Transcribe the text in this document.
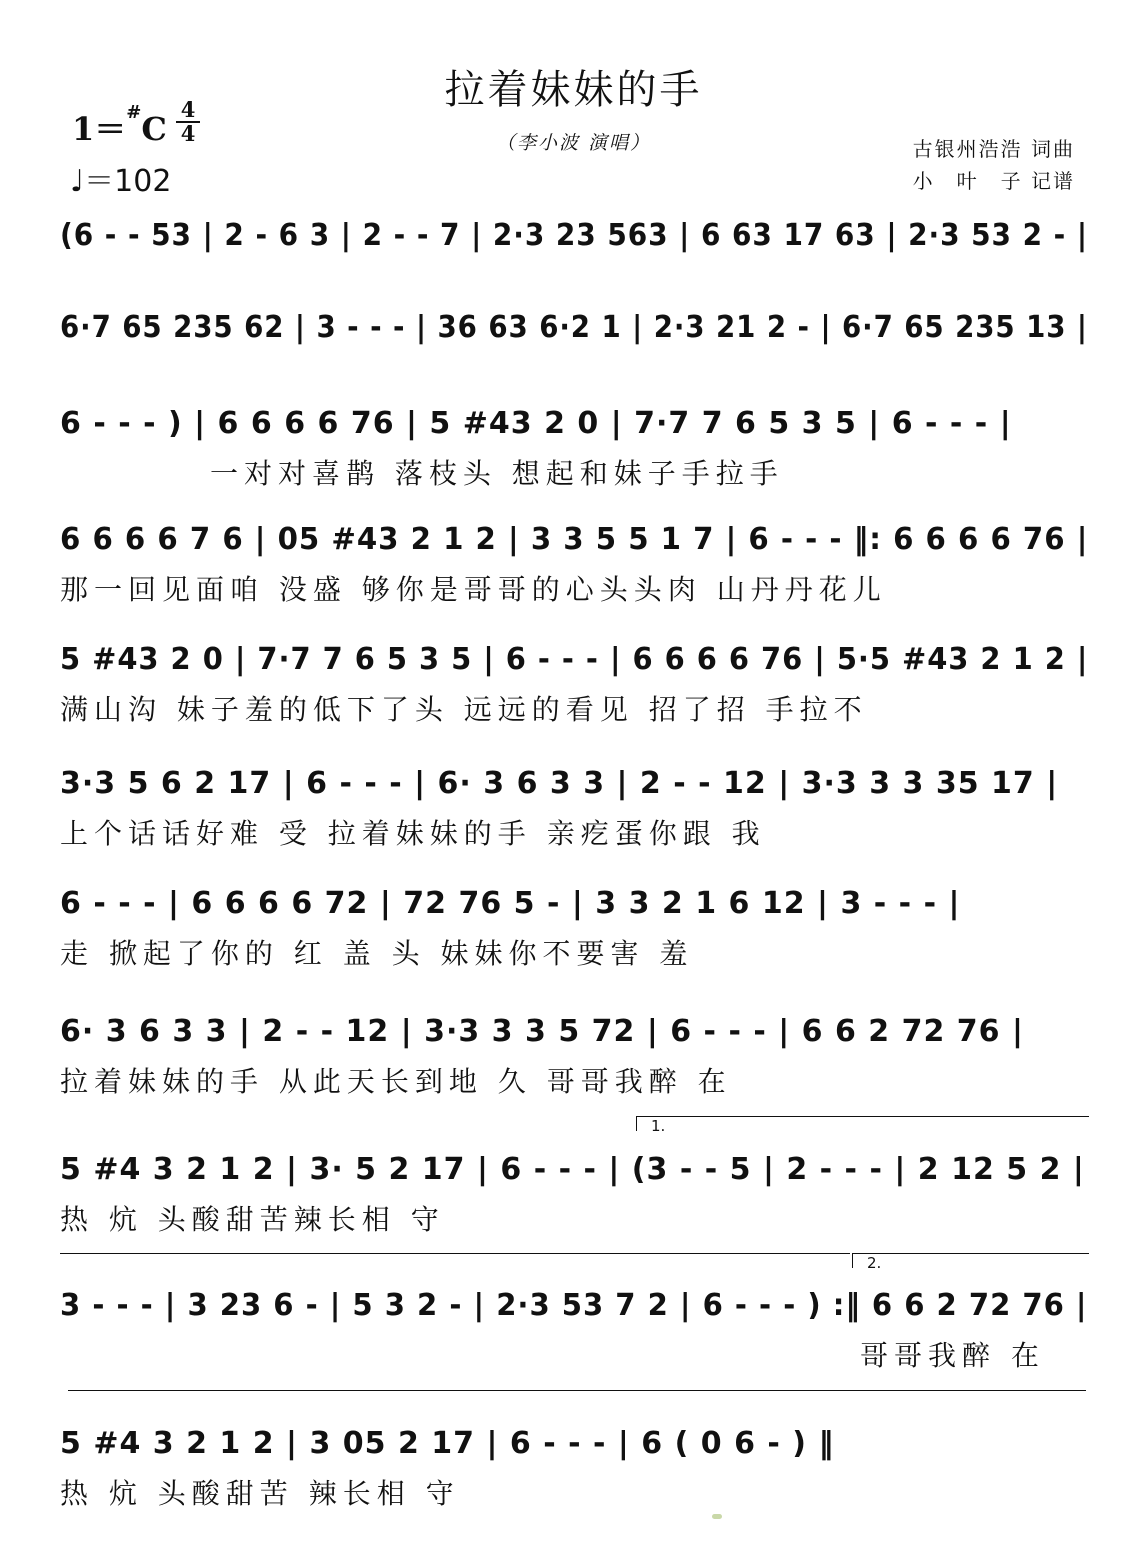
拉着妹妹的手
（李小波 演唱）
1＝#C
4
4
♩＝102
古银州浩浩 词曲
小　叶　子 记谱
(6 - - 53 | 2 - 6 3 | 2 - - 7 | 2·3 23 563 | 6 63 17 63 | 2·3 53 2 - |
6·7 65 235 62 | 3 - - - | 36 63 6·2 1 | 2·3 21 2 - | 6·7 65 235 13 |
6 - - - ) | 6 6 6 6 76 | 5 #43 2 0 | 7·7 7 6 5 3 5 | 6 - - - |
一对对喜鹊 落枝头 想起和妹子手拉手
6 6 6 6 7 6 | 05 #43 2 1 2 | 3 3 5 5 1 7 | 6 - - - ‖: 6 6 6 6 76 |
那一回见面咱 没盛 够你是哥哥的心头头肉 山丹丹花儿
5 #43 2 0 | 7·7 7 6 5 3 5 | 6 - - - | 6 6 6 6 76 | 5·5 #43 2 1 2 |
满山沟 妹子羞的低下了头 远远的看见 招了招 手拉不
3·3 5 6 2 17 | 6 - - - | 6· 3 6 3 3 | 2 - - 12 | 3·3 3 3 35 17 |
上个话话好难 受 拉着妹妹的手 亲疙蛋你跟 我
6 - - - | 6 6 6 6 72 | 72 76 5 - | 3 3 2 1 6 12 | 3 - - - |
走 掀起了你的 红 盖 头 妹妹你不要害 羞
6· 3 6 3 3 | 2 - - 12 | 3·3 3 3 5 72 | 6 - - - | 6 6 2 72 76 |
拉着妹妹的手 从此天长到地 久 哥哥我醉 在
1.
5 #4 3 2 1 2 | 3· 5 2 17 | 6 - - - | (3 - - 5 | 2 - - - | 2 12 5 2 |
热 炕 头酸甜苦辣长相 守
2.
3 - - - | 3 23 6 - | 5 3 2 - | 2·3 53 7 2 | 6 - - - ) :‖ 6 6 2 72 76 |
哥哥我醉 在
5 #4 3 2 1 2 | 3 05 2 17 | 6 - - - | 6 ( 0 6 - ) ‖
热 炕 头酸甜苦 辣长相 守
